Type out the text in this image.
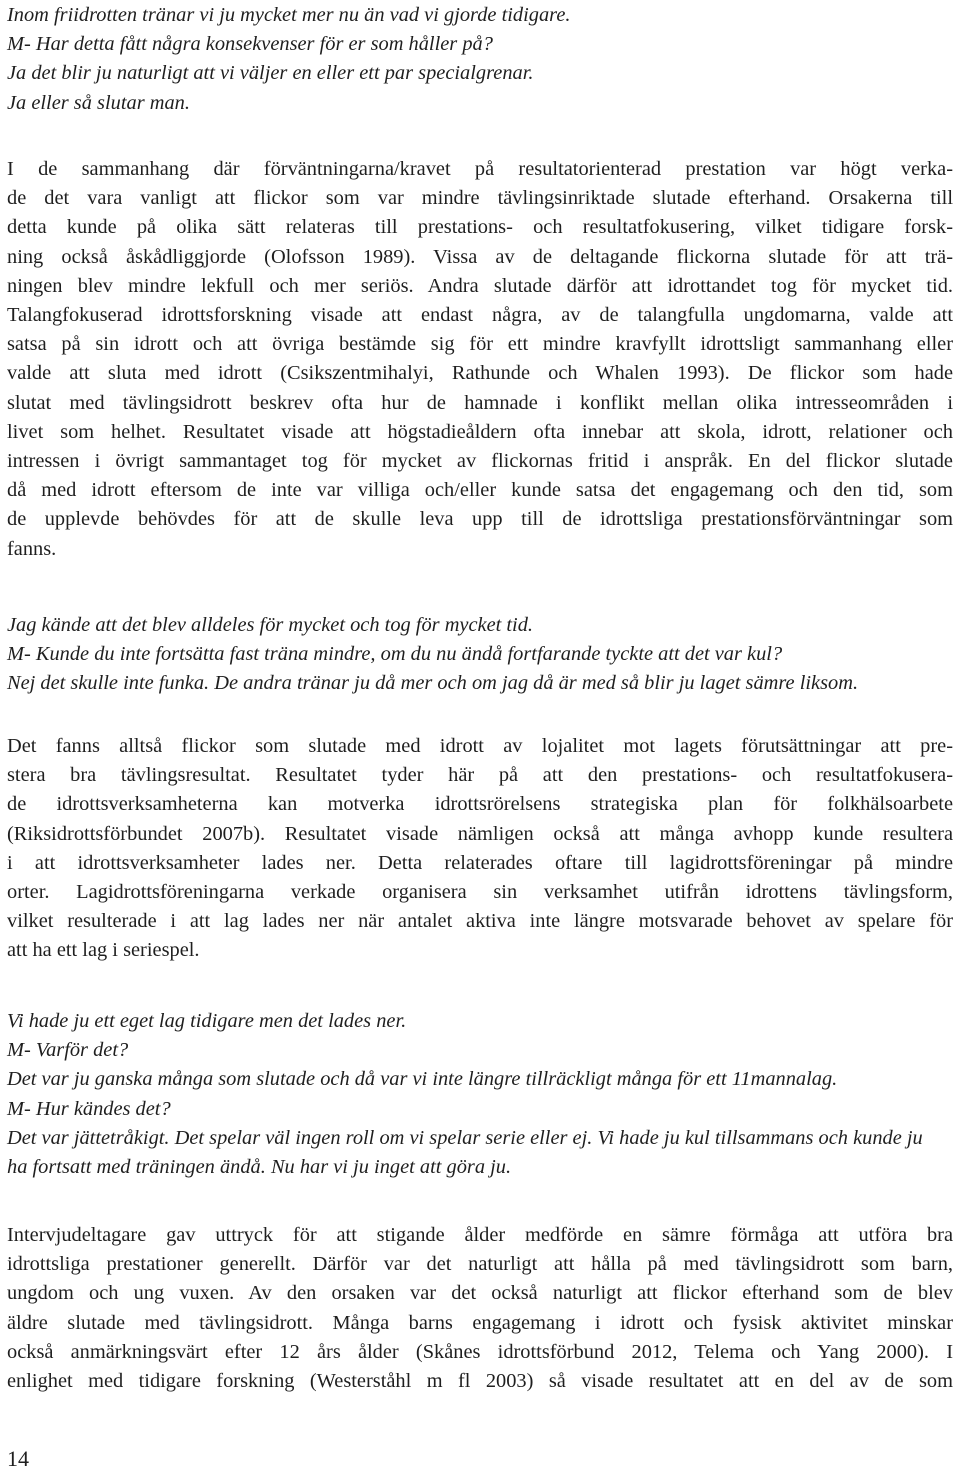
Inom friidrotten tränar vi ju mycket mer nu än vad vi gjorde tidigare.
M- Har detta fått några konsekvenser för er som håller på?
Ja det blir ju naturligt att vi väljer en eller ett par specialgrenar.
Ja eller så slutar man.
I de sammanhang där förväntningarna/kravet på resultatorienterad prestation var högt verka-
de det vara vanligt att flickor som var mindre tävlingsinriktade slutade efterhand. Orsakerna till
detta kunde på olika sätt relateras till prestations- och resultatfokusering, vilket tidigare forsk-
ning också åskådliggjorde (Olofsson 1989). Vissa av de deltagande flickorna slutade för att trä-
ningen blev mindre lekfull och mer seriös. Andra slutade därför att idrottandet tog för mycket tid.
Talangfokuserad idrottsforskning visade att endast några, av de talangfulla ungdomarna, valde att
satsa på sin idrott och att övriga bestämde sig för ett mindre kravfyllt idrottsligt sammanhang eller
valde att sluta med idrott (Csikszentmihalyi, Rathunde och Whalen 1993). De flickor som hade
slutat med tävlingsidrott beskrev ofta hur de hamnade i konflikt mellan olika intresseområden i
livet som helhet. Resultatet visade att högstadieåldern ofta innebar att skola, idrott, relationer och
intressen i övrigt sammantaget tog för mycket av flickornas fritid i anspråk. En del flickor slutade
då med idrott eftersom de inte var villiga och/eller kunde satsa det engagemang och den tid, som
de upplevde behövdes för att de skulle leva upp till de idrottsliga prestationsförväntningar som
fanns.
Jag kände att det blev alldeles för mycket och tog för mycket tid.
M- Kunde du inte fortsätta fast träna mindre, om du nu ändå fortfarande tyckte att det var kul?
Nej det skulle inte funka. De andra tränar ju då mer och om jag då är med så blir ju laget sämre liksom.
Det fanns alltså flickor som slutade med idrott av lojalitet mot lagets förutsättningar att pre-
stera bra tävlingsresultat. Resultatet tyder här på att den prestations- och resultatfokusera-
de idrottsverksamheterna kan motverka idrottsrörelsens strategiska plan för folkhälsoarbete
(Riksidrottsförbundet 2007b). Resultatet visade nämligen också att många avhopp kunde resultera
i att idrottsverksamheter lades ner. Detta relaterades oftare till lagidrottsföreningar på mindre
orter. Lagidrottsföreningarna verkade organisera sin verksamhet utifrån idrottens tävlingsform,
vilket resulterade i att lag lades ner när antalet aktiva inte längre motsvarade behovet av spelare för
att ha ett lag i seriespel.
Vi hade ju ett eget lag tidigare men det lades ner.
M- Varför det?
Det var ju ganska många som slutade och då var vi inte längre tillräckligt många för ett 11mannalag.
M- Hur kändes det?
Det var jättetråkigt. Det spelar väl ingen roll om vi spelar serie eller ej. Vi hade ju kul tillsammans och kunde ju
ha fortsatt med träningen ändå. Nu har vi ju inget att göra ju.
Intervjudeltagare gav uttryck för att stigande ålder medförde en sämre förmåga att utföra bra
idrottsliga prestationer generellt. Därför var det naturligt att hålla på med tävlingsidrott som barn,
ungdom och ung vuxen. Av den orsaken var det också naturligt att flickor efterhand som de blev
äldre slutade med tävlingsidrott. Många barns engagemang i idrott och fysisk aktivitet minskar
också anmärkningsvärt efter 12 års ålder (Skånes idrottsförbund 2012, Telema och Yang 2000). I
enlighet med tidigare forskning (Westerståhl m fl 2003) så visade resultatet att en del av de som
14
